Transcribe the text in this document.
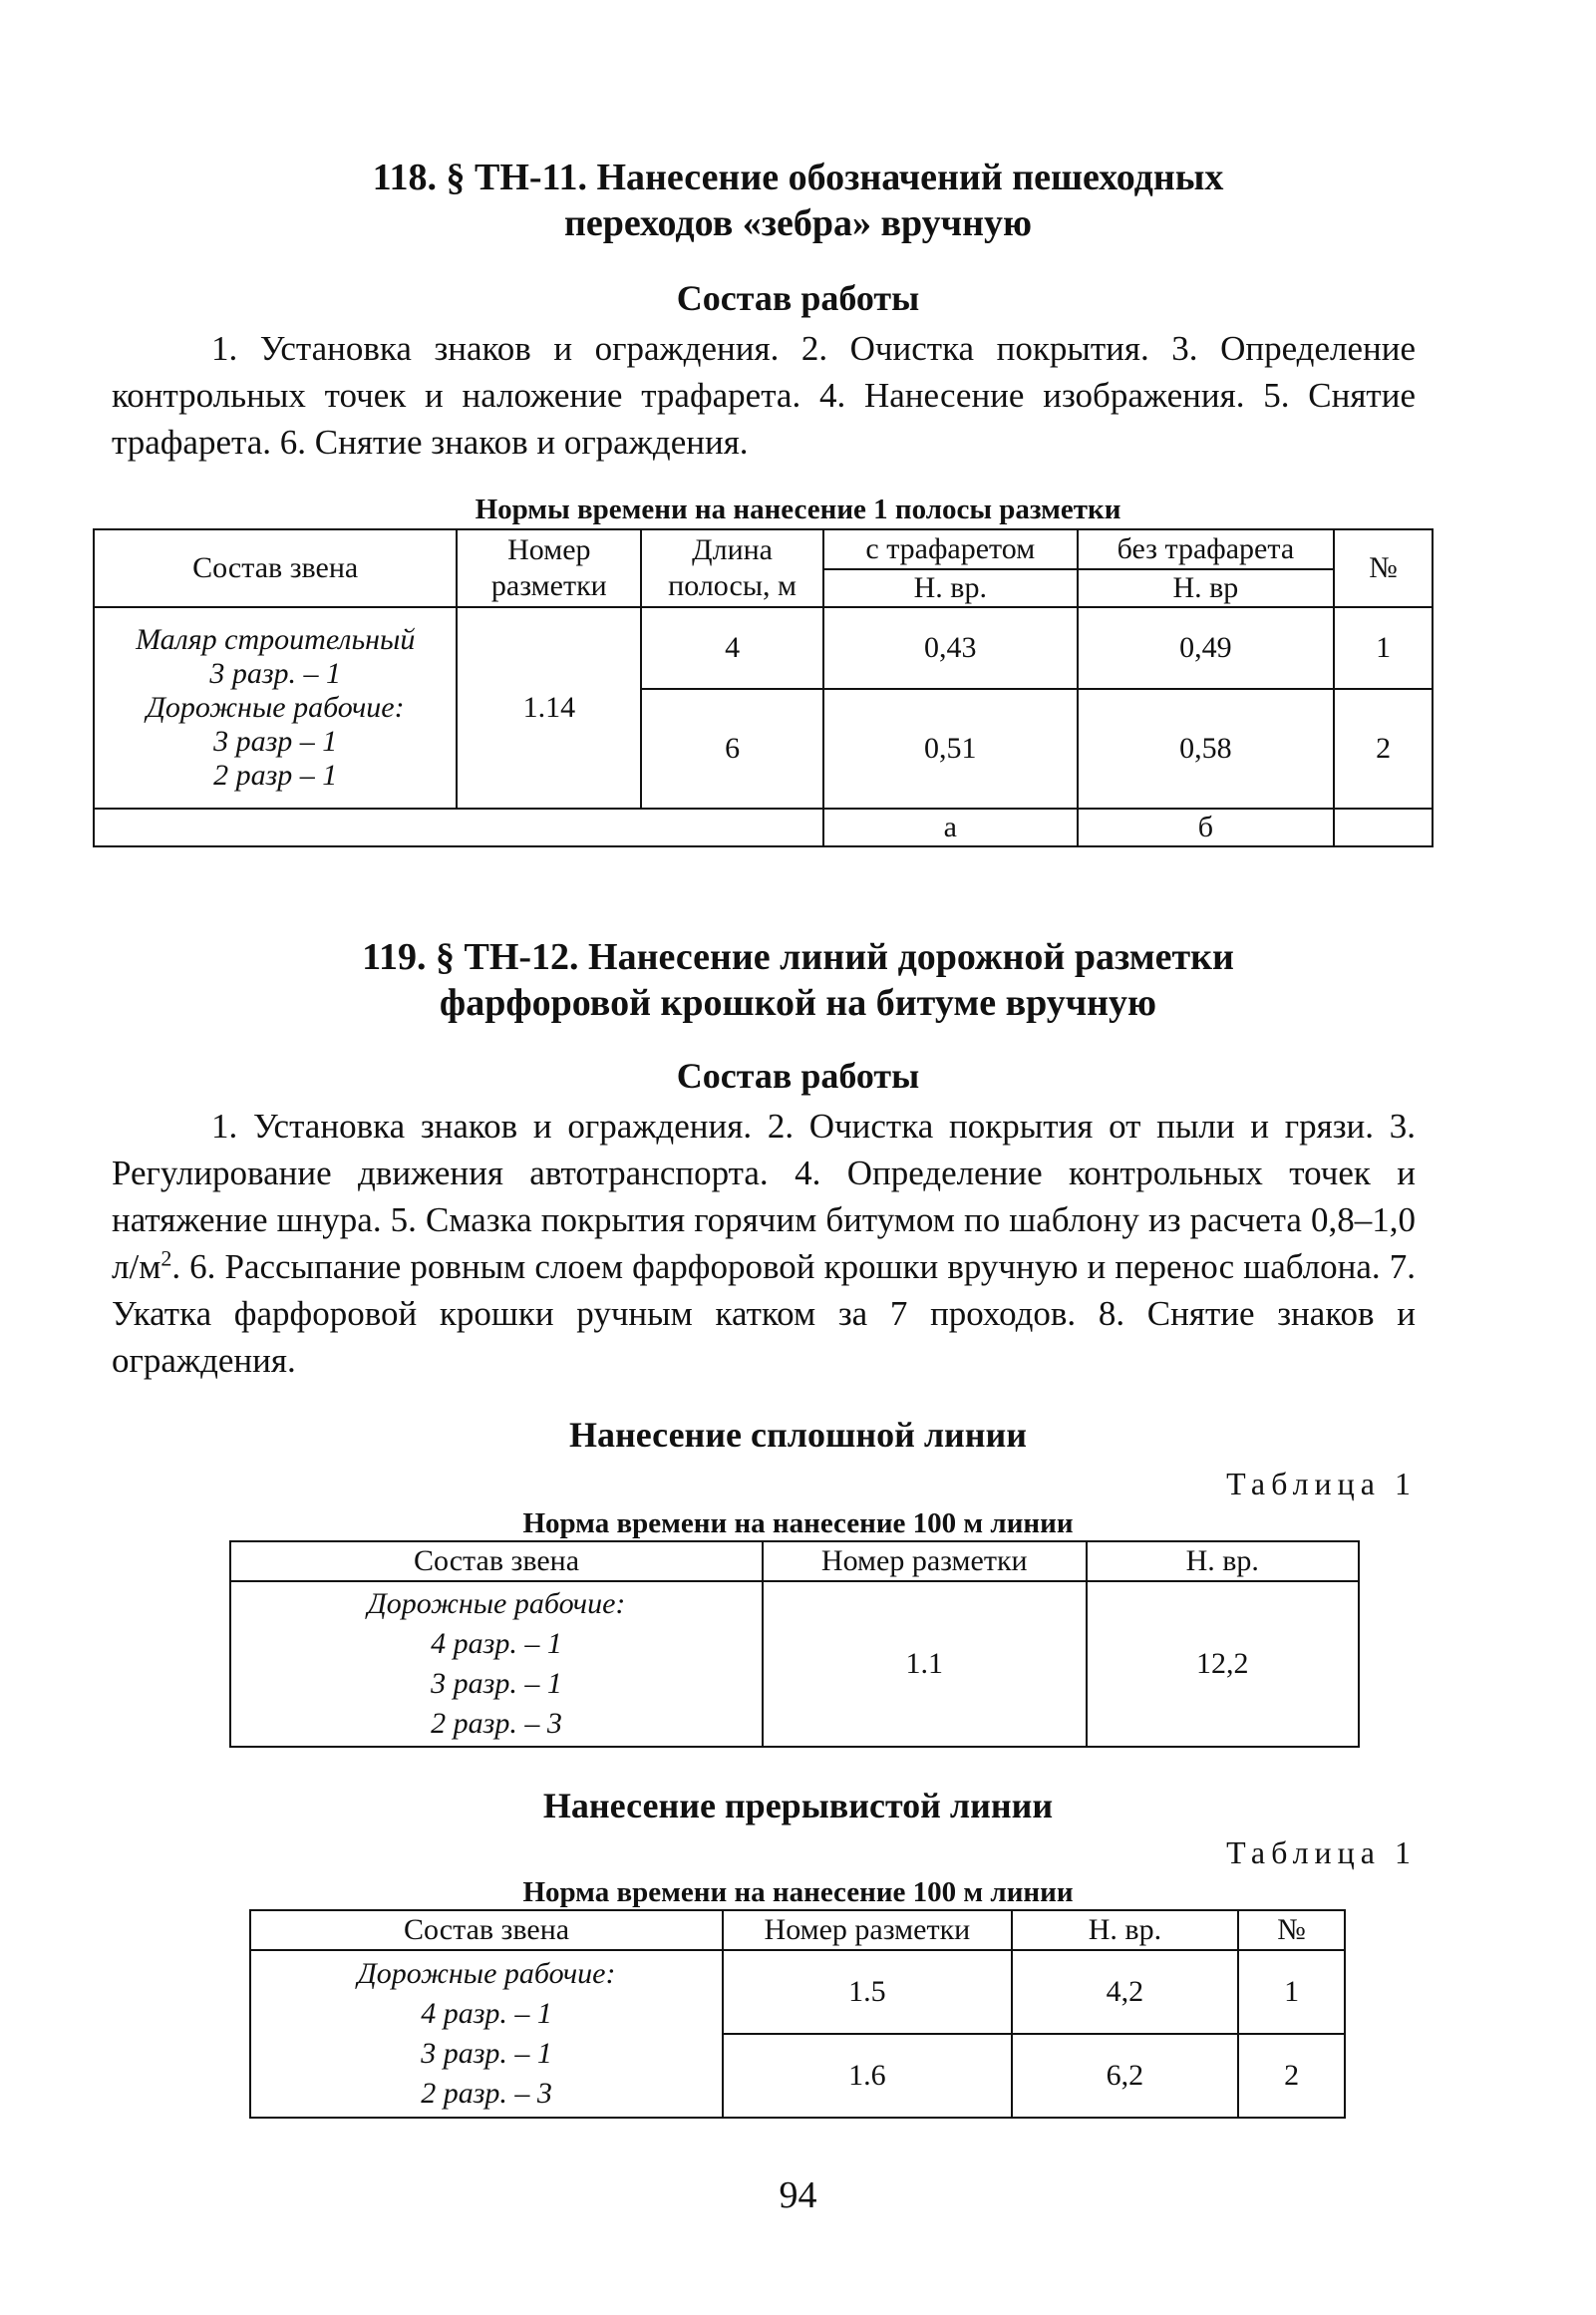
118. § ТН-11. Нанесение обозначений пешеходных
переходов «зебра» вручную
Состав работы
1. Установка знаков и ограждения. 2. Очистка покрытия. 3. Определение контрольных точек и наложение трафарета. 4. Нанесение изображения. 5. Снятие трафарета. 6. Снятие знаков и ограждения.
Нормы времени на нанесение 1 полосы разметки
Состав звена	Номер разметки	Длина полосы, м	с трафаретом	без трафарета	№
			Н. вр.	Н. вр	

Маляр строительный
3 разр. – 1
Дорожные рабочие:
3 разр – 1
2 разр – 1	1.14	4	0,43	0,49	1
		6	0,51	0,58	2
			а	б	
119. § ТН-12. Нанесение линий дорожной разметки
фарфоровой крошкой на битуме вручную
Состав работы
1. Установка знаков и ограждения. 2. Очистка покрытия от пыли и грязи. 3. Регулирование движения автотранспорта. 4. Определение контрольных точек и натяжение шнура. 5. Смазка покрытия горячим битумом по шаблону из расчета 0,8–1,0 $л/м^2$. 6. Рассыпание ровным слоем фарфоровой крошки вручную и перенос шаблона. 7. Укатка фарфоровой крошки ручным катком за 7 проходов. 8. Снятие знаков и ограждения.
Нанесение сплошной линии
Таблица 1
Норма времени на нанесение 100 м линии
Состав звена	Номер разметки	Н. вр.

Дорожные рабочие:
4 разр. – 1
3 разр. – 1
2 разр. – 3	1.1	12,2
Нанесение прерывистой линии
Таблица 1
Норма времени на нанесение 100 м линии
Состав звена	Номер разметки	Н. вр.	№

Дорожные рабочие:
4 разр. – 1
3 разр. – 1
2 разр. – 3	1.5	4,2	1
	1.6	6,2	2
94
